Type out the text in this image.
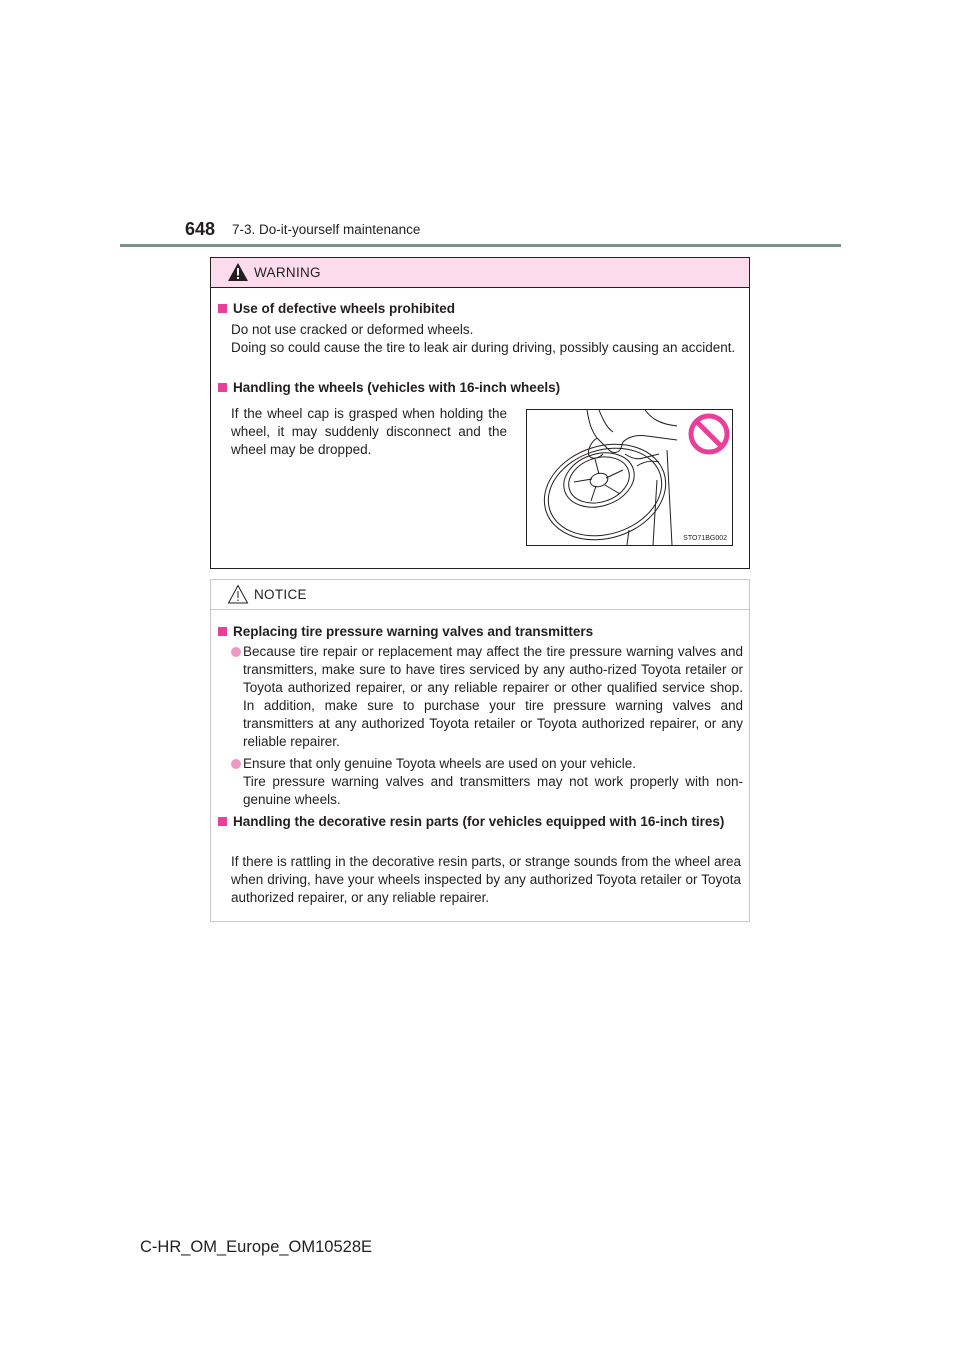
648 7-3. Do-it-yourself maintenance
WARNING
Use of defective wheels prohibited
Do not use cracked or deformed wheels.
Doing so could cause the tire to leak air during driving, possibly causing an accident.
Handling the wheels (vehicles with 16-inch wheels)
If the wheel cap is grasped when holding the wheel, it may suddenly disconnect and the wheel may be dropped.
STO71BG002
NOTICE
Replacing tire pressure warning valves and transmitters
Because tire repair or replacement may affect the tire pressure warning valves and transmitters, make sure to have tires serviced by any autho-rized Toyota retailer or Toyota authorized repairer, or any reliable repairer or other qualified service shop. In addition, make sure to purchase your tire pressure warning valves and transmitters at any authorized Toyota retailer or Toyota authorized repairer, or any reliable repairer.
Ensure that only genuine Toyota wheels are used on your vehicle.
Tire pressure warning valves and transmitters may not work properly with non-genuine wheels.
Handling the decorative resin parts (for vehicles equipped with 16-inch tires)
If there is rattling in the decorative resin parts, or strange sounds from the wheel area when driving, have your wheels inspected by any authorized Toyota retailer or Toyota authorized repairer, or any reliable repairer.
C-HR_OM_Europe_OM10528E
